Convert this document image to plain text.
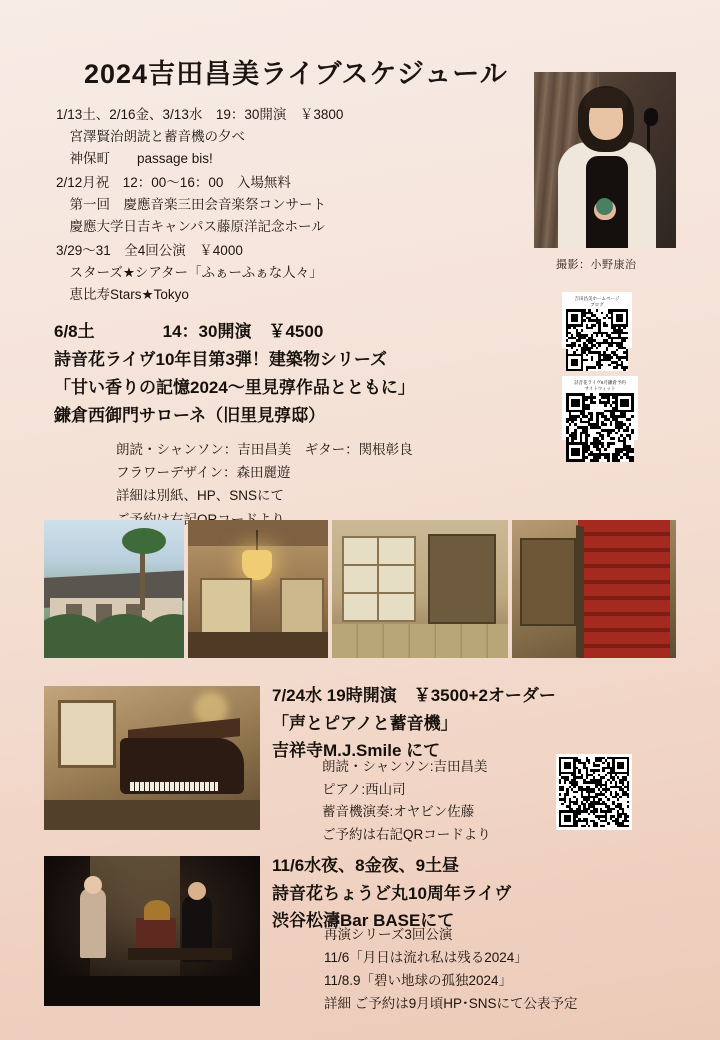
2024吉田昌美ライブスケジュール
撮影：小野康治
1/13土、2/16金、3/13水　19：30開演　￥3800
　宮澤賢治朗読と蓄音機の夕べ
　神保町　　passage bis!
2/12月祝　12：00〜16：00　入場無料
　第一回　慶應音楽三田会音楽祭コンサート
　慶應大学日吉キャンパス藤原洋記念ホール
3/29〜31　全4回公演　￥4000
　スターズ★シアター「ふぁーふぁな人々」
　恵比寿Stars★Tokyo
6/8土　　　　14：30開演　￥4500
詩音花ライヴ10年目第3弾！建築物シリーズ
「甘い香りの記憶2024〜里見弴作品とともに」
鎌倉西御門サローネ（旧里見弴邸）
朗読・シャンソン：吉田昌美　ギター：関根彰良
フラワーデザイン：森田麗遊
詳細は別紙、HP、SNSにて

吉田昌美ホームページ
ブログ
詩音花ライヴ6月鎌倉予約
サイトウィット
7/24水 19時開演　￥3500+2オーダー
「声とピアノと蓄音機」
吉祥寺M.J.Smile にて
朗読・シャンソン:吉田昌美
ピアノ:西山司
蓄音機演奏:オヤビン佐藤
ご予約は右記QRコードより
11/6水夜、8金夜、9土昼
詩音花ちょうど丸10周年ライヴ
渋谷松濤Bar BASEにて
再演シリーズ3回公演
11/6「月日は流れ私は残る2024」
11/8.9「碧い地球の孤独2024」
詳細 ご予約は9月頃HP･SNSにて公表予定
